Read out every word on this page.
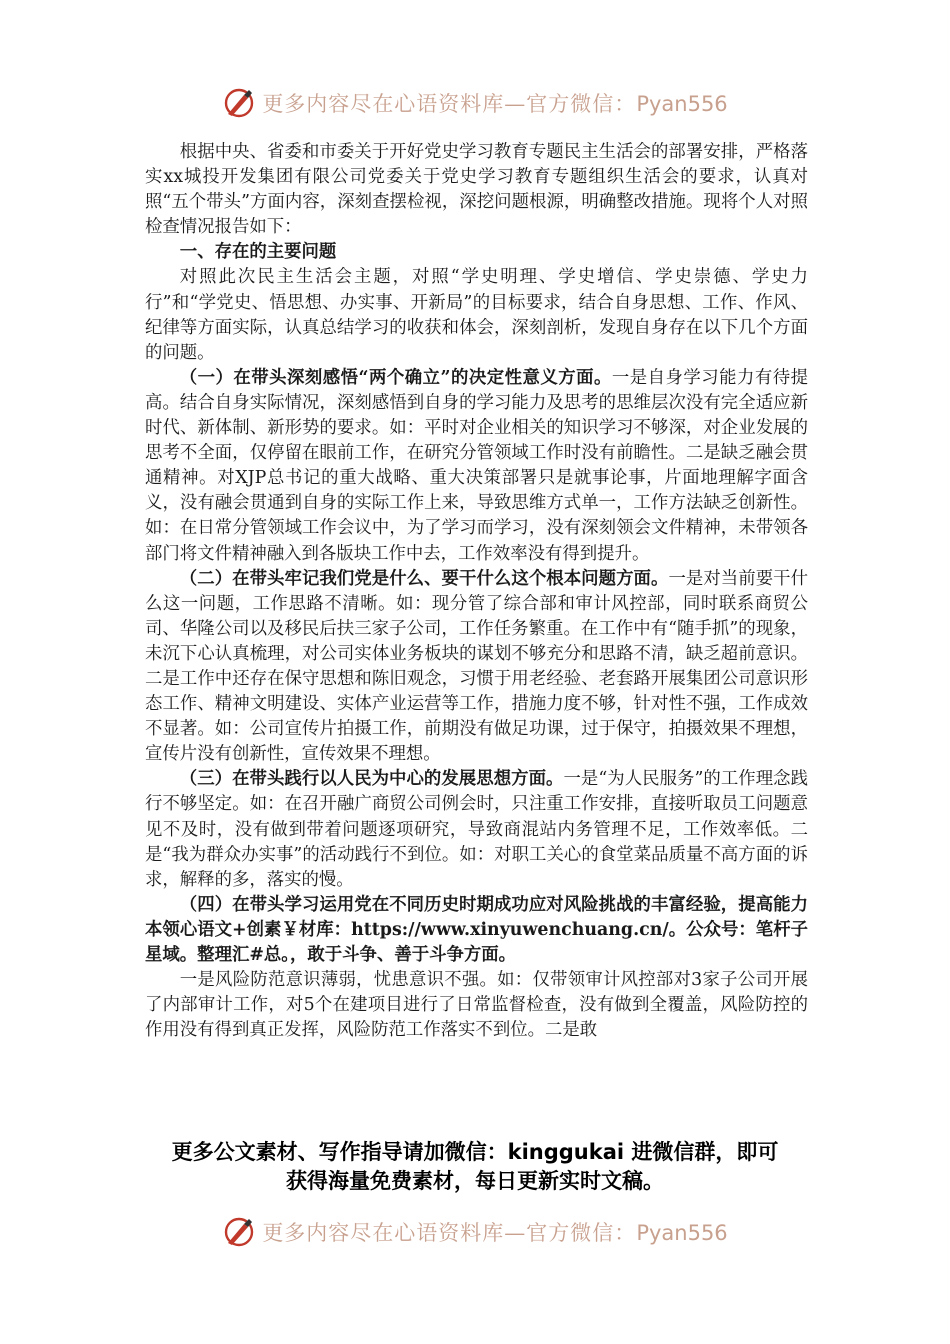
更多内容尽在心语资料库—官方微信：Pyan556

根据中央、省委和市委关于开好党史学习教育专题民主生活会的部署安排，严格落实xx城投开发集团有限公司党委关于党史学习教育专题组织生活会的要求，认真对照“五个带头”方面内容，深刻查摆检视，深挖问题根源，明确整改措施。现将个人对照检查情况报告如下：

一、存在的主要问题

对照此次民主生活会主题，对照“学史明理、学史增信、学史崇德、学史力行”和“学党史、悟思想、办实事、开新局”的目标要求，结合自身思想、工作、作风、纪律等方面实际，认真总结学习的收获和体会，深刻剖析，发现自身存在以下几个方面的问题。

（一）在带头深刻感悟“两个确立”的决定性意义方面。一是自身学习能力有待提高。结合自身实际情况，深刻感悟到自身的学习能力及思考的思维层次没有完全适应新时代、新体制、新形势的要求。如：平时对企业相关的知识学习不够深，对企业发展的思考不全面，仅停留在眼前工作，在研究分管领域工作时没有前瞻性。二是缺乏融会贯通精神。对XJP总书记的重大战略、重大决策部署只是就事论事，片面地理解字面含义，没有融会贯通到自身的实际工作上来，导致思维方式单一，工作方法缺乏创新性。如：在日常分管领域工作会议中，为了学习而学习，没有深刻领会文件精神，未带领各部门将文件精神融入到各版块工作中去，工作效率没有得到提升。

（二）在带头牢记我们党是什么、要干什么这个根本问题方面。一是对当前要干什么这一问题，工作思路不清晰。如：现分管了综合部和审计风控部，同时联系商贸公司、华隆公司以及移民后扶三家子公司，工作任务繁重。在工作中有“随手抓”的现象，未沉下心认真梳理，对公司实体业务板块的谋划不够充分和思路不清，缺乏超前意识。二是工作中还存在保守思想和陈旧观念，习惯于用老经验、老套路开展集团公司意识形态工作、精神文明建设、实体产业运营等工作，措施力度不够，针对性不强，工作成效不显著。如：公司宣传片拍摄工作，前期没有做足功课，过于保守，拍摄效果不理想，宣传片没有创新性，宣传效果不理想。

（三）在带头践行以人民为中心的发展思想方面。一是“为人民服务”的工作理念践行不够坚定。如：在召开融广商贸公司例会时，只注重工作安排，直接听取员工问题意见不及时，没有做到带着问题逐项研究，导致商混站内务管理不足，工作效率低。二是“我为群众办实事”的活动践行不到位。如：对职工关心的食堂菜品质量不高方面的诉求，解释的多，落实的慢。

（四）在带头学习运用党在不同历史时期成功应对风险挑战的丰富经验，提高能力本领心语文+创素￥材库：https://www.xinyuwenchuang.cn/。公众号：笔杆子星域。整理汇#总。，敢于斗争、善于斗争方面。

一是风险防范意识薄弱，忧患意识不强。如：仅带领审计风控部对3家子公司开展了内部审计工作，对5个在建项目进行了日常监督检查，没有做到全覆盖，风险防控的作用没有得到真正发挥，风险防范工作落实不到位。二是敢

更多公文素材、写作指导请加微信：kinggukai 进微信群，即可
获得海量免费素材，每日更新实时文稿。
更多内容尽在心语资料库—官方微信：Pyan556
